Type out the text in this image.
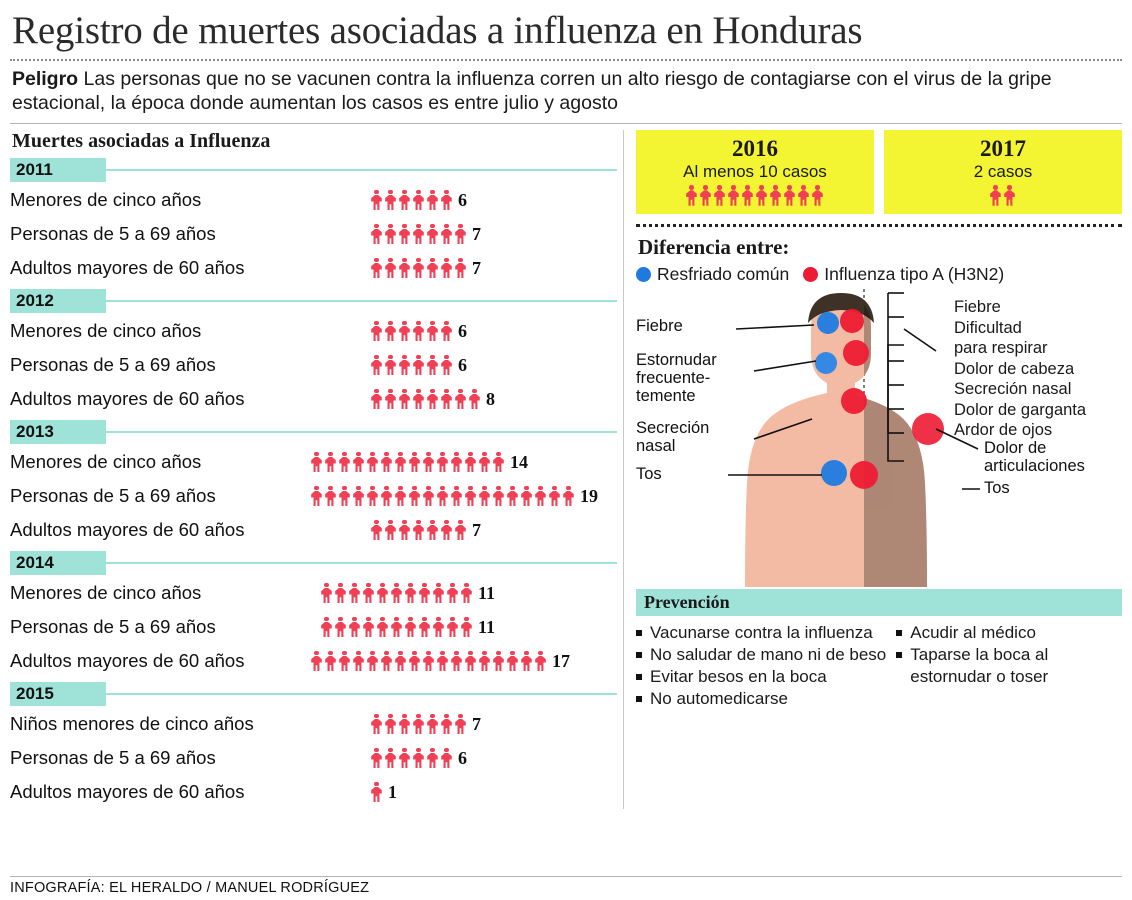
Registro de muertes asociadas a influenza en Honduras
Peligro Las personas que no se vacunen contra la influenza corren un alto riesgo de contagiarse con el virus de la gripe estacional, la época donde aumentan los casos es entre julio y agosto
Muertes asociadas a Influenza
2011
Menores de cinco años	6
Personas de 5 a 69 años	7
Adultos mayores de 60 años	7
2012
Menores de cinco años	6
Personas de 5 a 69 años	6
Adultos mayores de 60 años	8
2013
Menores de cinco años	14
Personas de 5 a 69 años	19
Adultos mayores de 60 años	7
2014
Menores de cinco años	11
Personas de 5 a 69 años	11
Adultos mayores de 60 años	17
2015
Niños menores de cinco años	7
Personas de 5 a 69 años	6
Adultos mayores de 60 años	1
2016
Al menos 10 casos
2017
2 casos
Diferencia entre:
Resfriado común Influenza tipo A (H3N2)
Fiebre
Estornudar
frecuente-
temente
Secreción
nasal
Tos
Fiebre
Dificultad
para respirar
Dolor de cabeza
Secreción nasal
Dolor de garganta
Ardor de ojos
Dolor de
articulaciones
Tos
Prevención
Vacunarse contra la influenza
No saludar de mano ni de beso
Evitar besos en la boca
No automedicarse
Acudir al médico
Taparse la boca al estornudar o toser
INFOGRAFÍA: EL HERALDO / MANUEL RODRÍGUEZ
